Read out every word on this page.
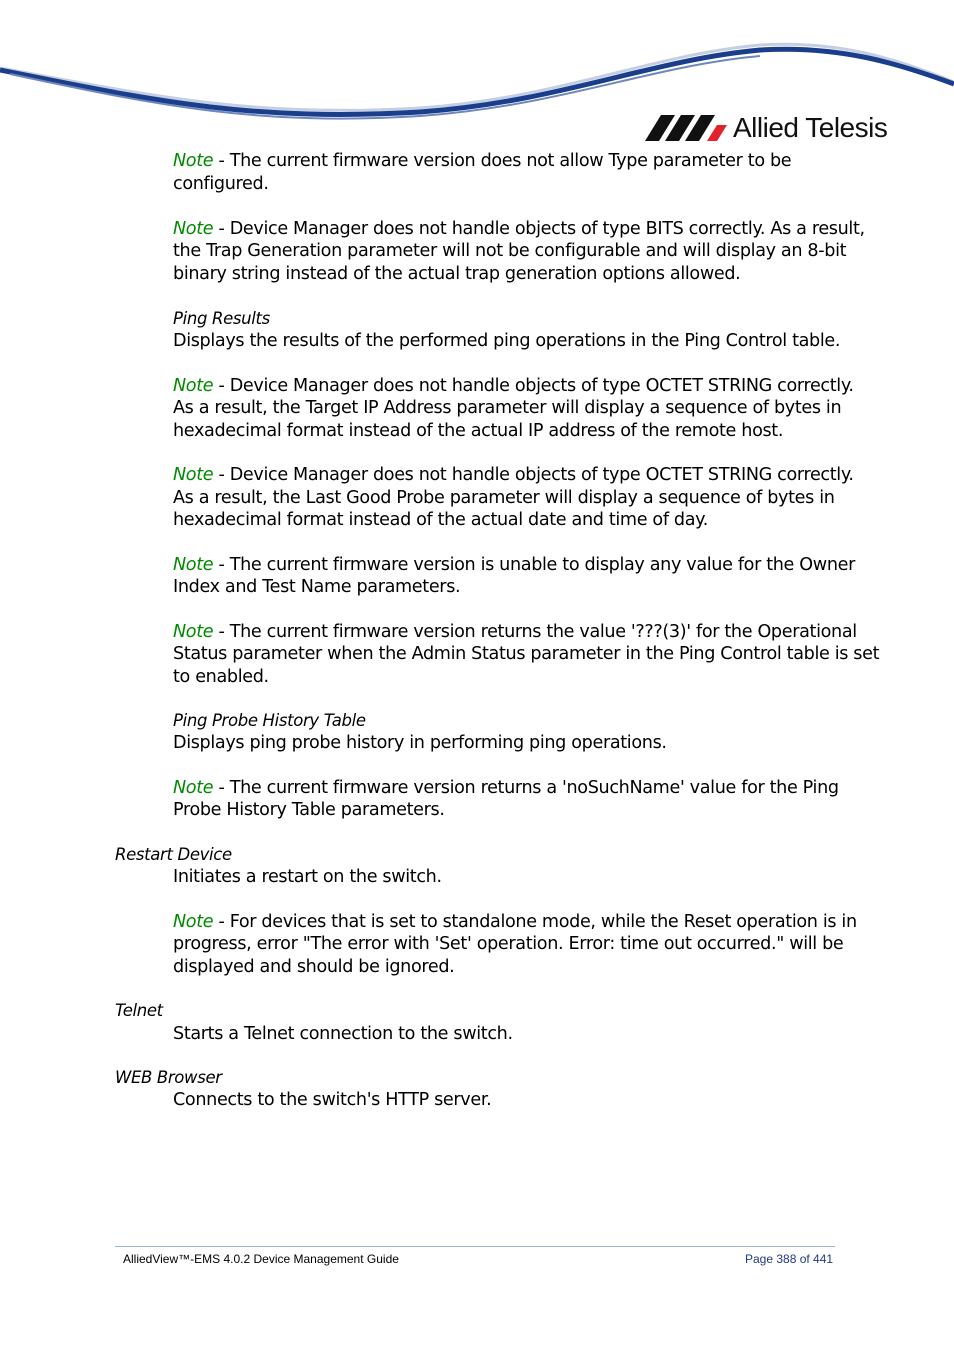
Allied Telesis

Note - The current firmware version does not allow Type parameter to be

configured.

Note - Device Manager does not handle objects of type BITS correctly. As a result,

the Trap Generation parameter will not be configurable and will display an 8-bit

binary string instead of the actual trap generation options allowed.

Ping Results

Displays the results of the performed ping operations in the Ping Control table.

Note - Device Manager does not handle objects of type OCTET STRING correctly.

As a result, the Target IP Address parameter will display a sequence of bytes in

hexadecimal format instead of the actual IP address of the remote host.

Note - Device Manager does not handle objects of type OCTET STRING correctly.

As a result, the Last Good Probe parameter will display a sequence of bytes in

hexadecimal format instead of the actual date and time of day.

Note - The current firmware version is unable to display any value for the Owner

Index and Test Name parameters.

Note - The current firmware version returns the value '???(3)' for the Operational

Status parameter when the Admin Status parameter in the Ping Control table is set

to enabled.

Ping Probe History Table

Displays ping probe history in performing ping operations.

Note - The current firmware version returns a 'noSuchName' value for the Ping

Probe History Table parameters.

Restart Device

Initiates a restart on the switch.

Note - For devices that is set to standalone mode, while the Reset operation is in

progress, error "The error with 'Set' operation. Error: time out occurred." will be

displayed and should be ignored.

Telnet

Starts a Telnet connection to the switch.

WEB Browser

Connects to the switch's HTTP server.

AlliedView™-EMS 4.0.2 Device Management Guide	Page 388 of 441
